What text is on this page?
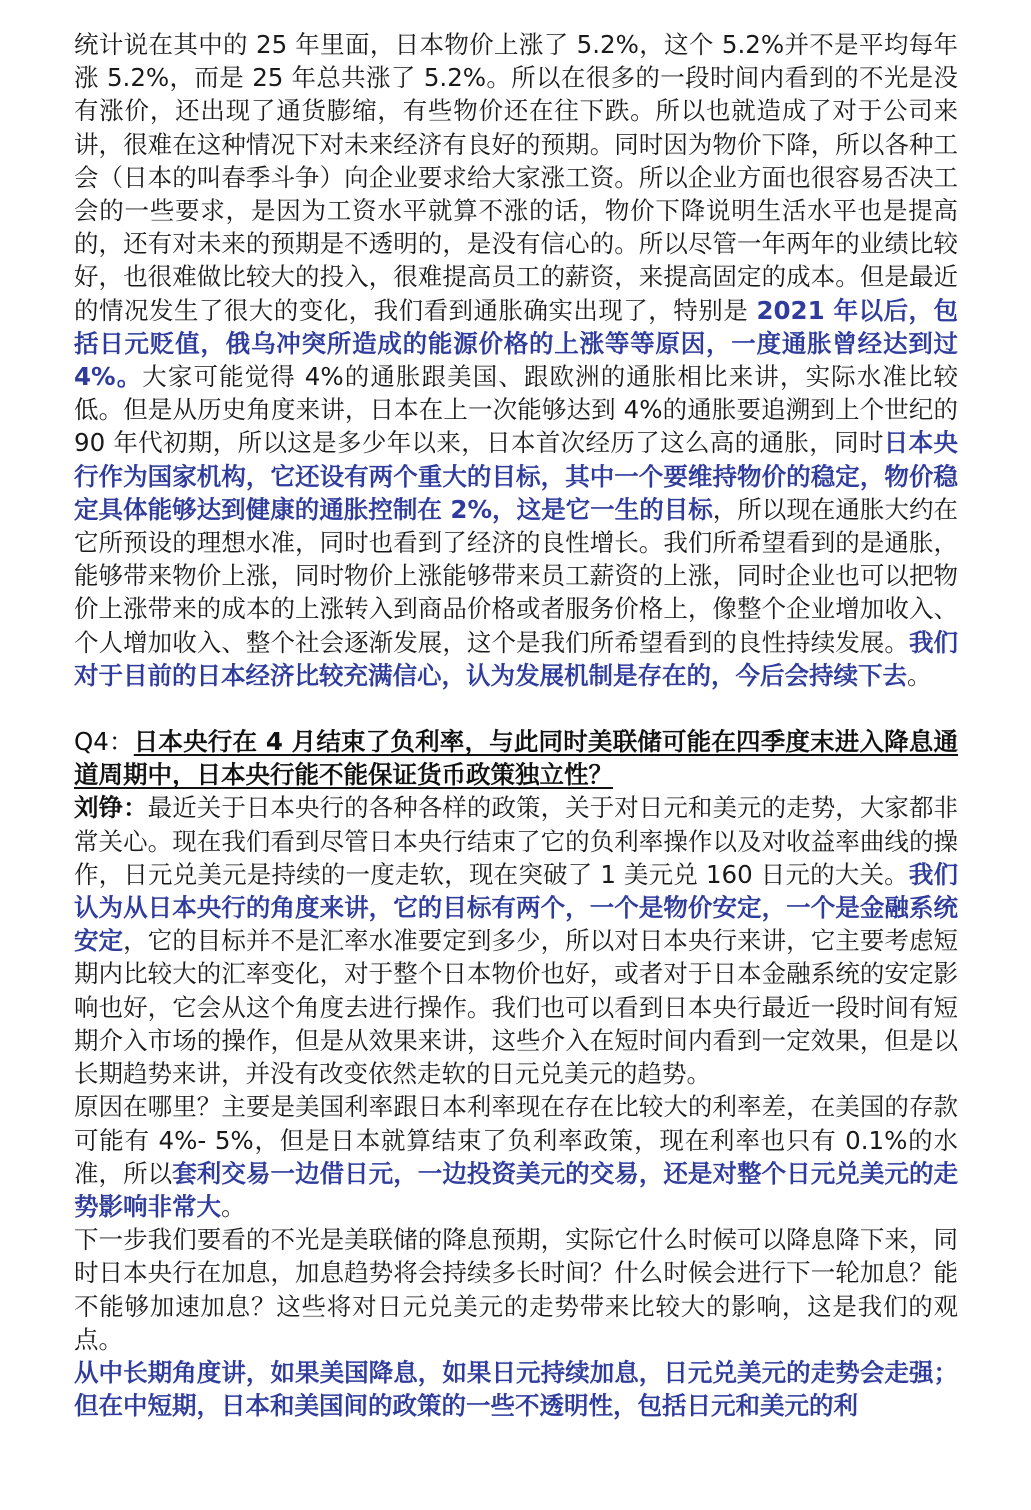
统计说在其中的 25 年里面，日本物价上涨了 5.2%，这个 5.2%并不是平均每年涨 5.2%，而是 25 年总共涨了 5.2%。所以在很多的一段时间内看到的不光是没有涨价，还出现了通货膨缩，有些物价还在往下跌。所以也就造成了对于公司来讲，很难在这种情况下对未来经济有良好的预期。同时因为物价下降，所以各种工会（日本的叫春季斗争）向企业要求给大家涨工资。所以企业方面也很容易否决工会的一些要求，是因为工资水平就算不涨的话，物价下降说明生活水平也是提高的，还有对未来的预期是不透明的，是没有信心的。所以尽管一年两年的业绩比较好，也很难做比较大的投入，很难提高员工的薪资，来提高固定的成本。但是最近的情况发生了很大的变化，我们看到通胀确实出现了，特别是 2021 年以后，包括日元贬值，俄乌冲突所造成的能源价格的上涨等等原因，一度通胀曾经达到过 4%。大家可能觉得 4%的通胀跟美国、跟欧洲的通胀相比来讲，实际水准比较低。但是从历史角度来讲，日本在上一次能够达到 4%的通胀要追溯到上个世纪的 90 年代初期，所以这是多少年以来，日本首次经历了这么高的通胀，同时日本央行作为国家机构，它还设有两个重大的目标，其中一个要维持物价的稳定，物价稳定具体能够达到健康的通胀控制在 2%，这是它一生的目标，所以现在通胀大约在它所预设的理想水准，同时也看到了经济的良性增长。我们所希望看到的是通胀，能够带来物价上涨，同时物价上涨能够带来员工薪资的上涨，同时企业也可以把物价上涨带来的成本的上涨转入到商品价格或者服务价格上，像整个企业增加收入、个人增加收入、整个社会逐渐发展，这个是我们所希望看到的良性持续发展。我们对于目前的日本经济比较充满信心，认为发展机制是存在的，今后会持续下去。

Q4：日本央行在 4 月结束了负利率，与此同时美联储可能在四季度末进入降息通道周期中，日本央行能不能保证货币政策独立性？

刘铮：最近关于日本央行的各种各样的政策，关于对日元和美元的走势，大家都非常关心。现在我们看到尽管日本央行结束了它的负利率操作以及对收益率曲线的操作，日元兑美元是持续的一度走软，现在突破了 1 美元兑 160 日元的大关。我们认为从日本央行的角度来讲，它的目标有两个，一个是物价安定，一个是金融系统安定，它的目标并不是汇率水准要定到多少，所以对日本央行来讲，它主要考虑短期内比较大的汇率变化，对于整个日本物价也好，或者对于日本金融系统的安定影响也好，它会从这个角度去进行操作。我们也可以看到日本央行最近一段时间有短期介入市场的操作，但是从效果来讲，这些介入在短时间内看到一定效果，但是以长期趋势来讲，并没有改变依然走软的日元兑美元的趋势。

原因在哪里？主要是美国利率跟日本利率现在存在比较大的利率差，在美国的存款可能有 4%- 5%，但是日本就算结束了负利率政策，现在利率也只有 0.1%的水准，所以套利交易一边借日元，一边投资美元的交易，还是对整个日元兑美元的走势影响非常大。

下一步我们要看的不光是美联储的降息预期，实际它什么时候可以降息降下来，同时日本央行在加息，加息趋势将会持续多长时间？什么时候会进行下一轮加息？能不能够加速加息？这些将对日元兑美元的走势带来比较大的影响，这是我们的观点。

从中长期角度讲，如果美国降息，如果日元持续加息，日元兑美元的走势会走强；但在中短期，日本和美国间的政策的一些不透明性，包括日元和美元的利
